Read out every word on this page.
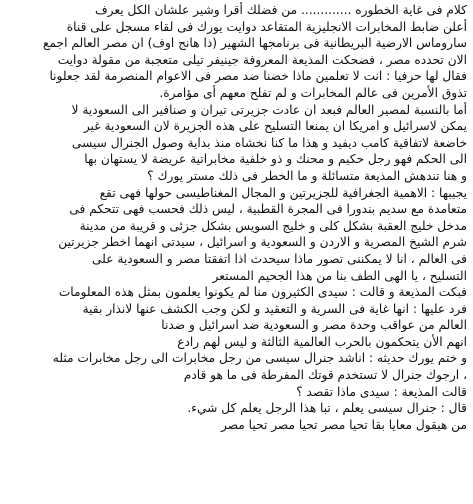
كلام فى غاية الخطوره ............. من فضلك أقرا وشير علشان الكل يعرف
أعلن ضابط المخابرات الانجليزية المتقاعد دوايت يورك فى لقاء مسجل على قناة
ساروماس الارضية البريطانية فى برنامجها الشهير (ذا هانج اوف) ان مصر العالم اجمع
الان تحدده مصر ، فضحكت المذيعة المعروفة جينيفر تيلى متعجبة من مقولة دوايت
فقال لها حرفيا : انت لا تعلمين ماذا خضنا ضد مصر فى الاعوام المنصرمة لقد جعلونا
تذوق الأمرين فى عالم المخابرات و لم تفلح معهم أى مؤامرة.
أما بالنسبة لمصير العالم فبعد ان عادت جزيرتى تيران و صنافير الى السعودية لا
يمكن لاسرائيل و امريكا ان يمنعا التسليح على هذه الجزيرة لان السعودية غير
خاضعة لاتفاقية كامب ديفيد و هذا ما كنا نخشاه منذ بداية وصول الجنرال سيسى
الى الحكم فهو رجل حكيم و محنك و ذو خلفية مخابراتية عريضة لا يستهان بها
و هنا تندهش المذيعة متسائلة و ما الخطر فى ذلك مستر يورك ؟
يجيبها : الاهمية الجغرافية للجزيرتين و المجال المغناطيسى حولها فهى تقع
متعامدة مع سديم بندورا فى المجرة القطبية ، ليس ذلك فحسب فهى تتحكم فى
مدخل خليج العقبة بشكل كلى و خليج السويس بشكل جزئى و قريبة من مدينة
شرم الشيخ المصرية و الاردن و السعودية و اسرائيل ، سيدتى انهما اخطر جزيرتين
فى العالم ، انا لا يمكننى تصور ماذا سيحدث اذا اتفقتا مصر و السعودية على
التسليح ، يا الهى الطف بنا من هذا الجحيم المستعر
فبكت المذيعة و قالت : سيدى الكثيرون منا لم يكونوا يعلمون بمثل هذه المعلومات
فرد عليها : انها غاية فى السرية و التعقيد و لكن وجب الكشف عنها لانذار بقية
العالم من عواقب وحدة مصر و السعودية ضد اسرائيل و ضدنا
انهم الأن يتحكمون بالحرب العالمية الثالثة و ليس لهم رادع
و ختم يورك حديثه : اناشد جنرال سيسى من رجل مخابرات الى رجل مخابرات مثله
، ارجوك جنرال لا تستخدم قوتك المفرطة فى ما هو قادم
قالت المذيعة : سيدى ماذا تقصد ؟
قال : جنرال سيسى يعلم ، تبا هذا الرجل يعلم كل شيء.
من هيقول معايا بقا تحيا مصر تحيا مصر تحيا مصر
